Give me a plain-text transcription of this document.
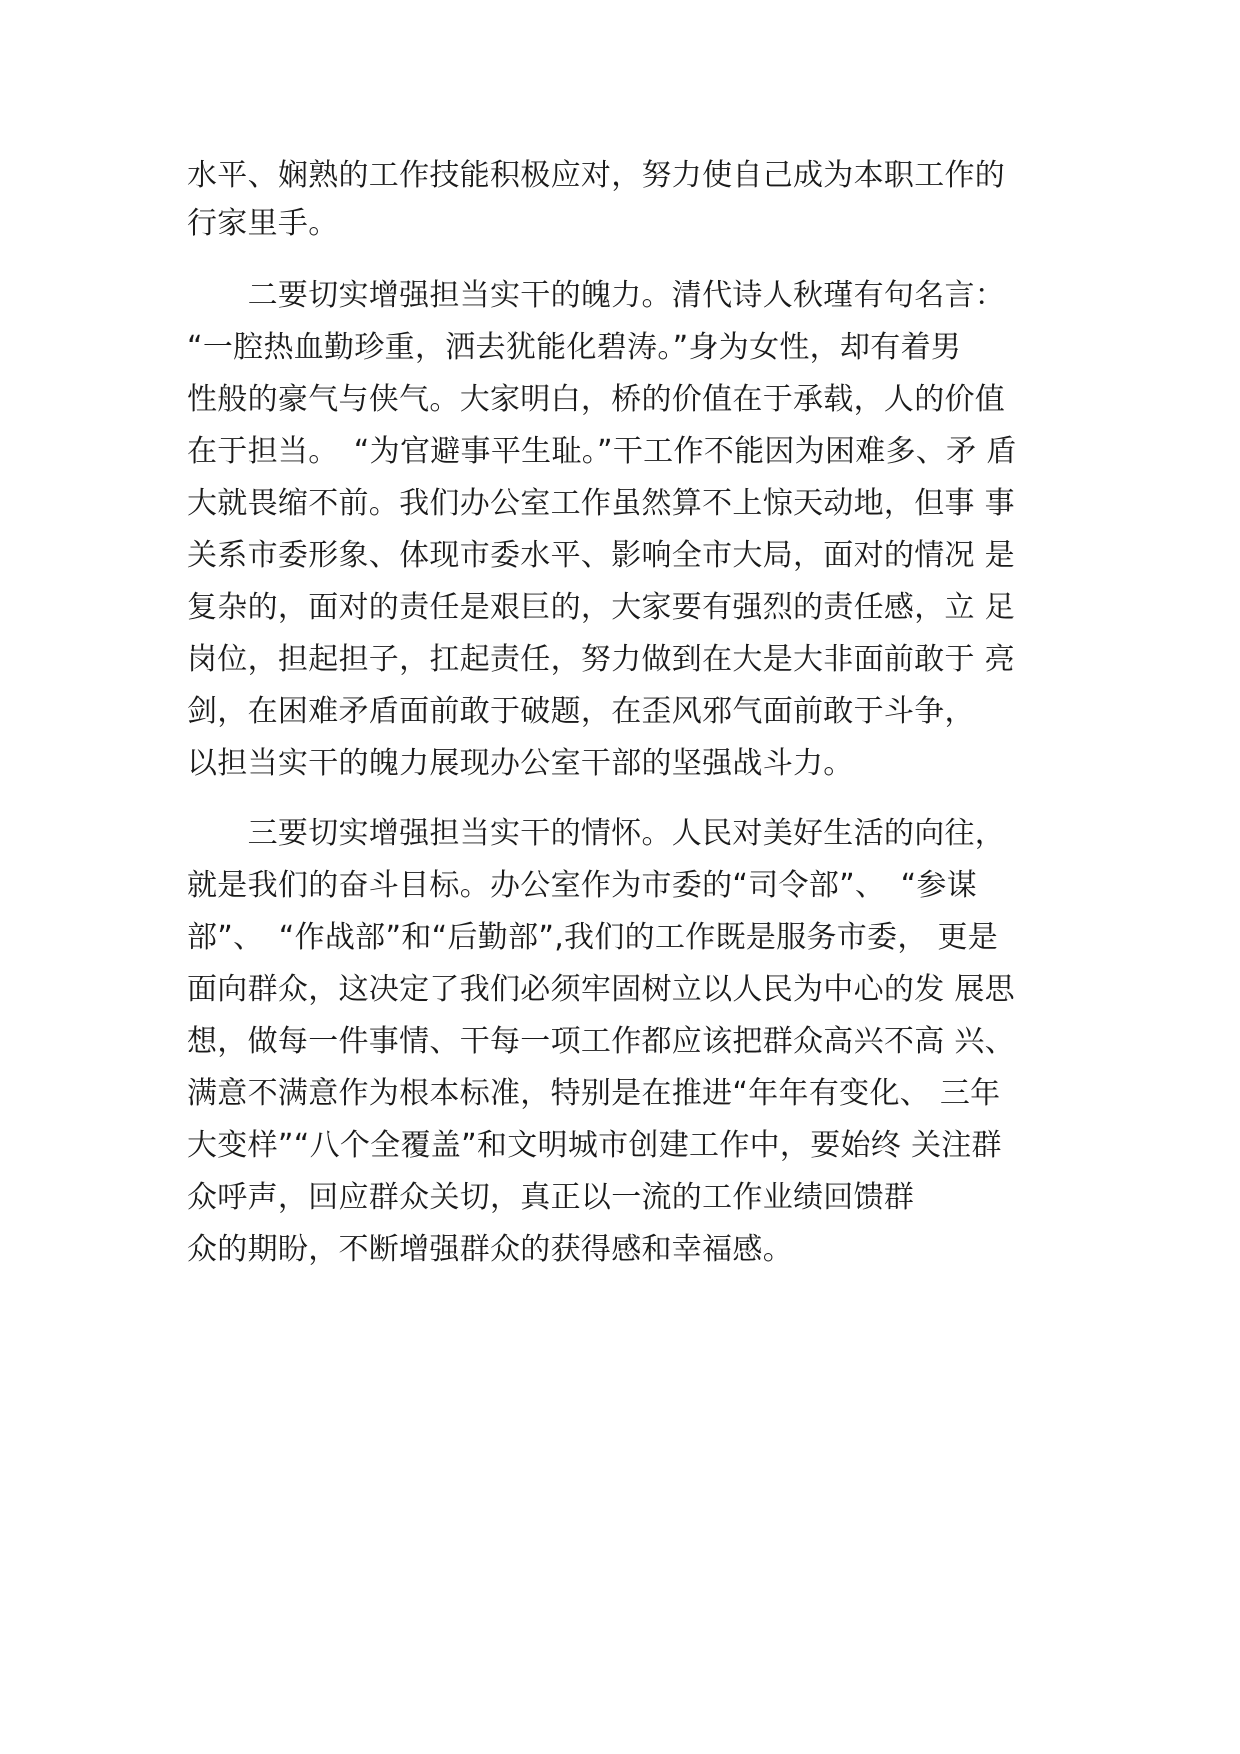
水平、娴熟的工作技能积极应对，努力使自己成为本职工作的
行家里手。
　　二要切实增强担当实干的魄力。清代诗人秋瑾有句名言：
“一腔热血勤珍重，洒去犹能化碧涛。”身为女性，却有着男
性般的豪气与侠气。大家明白，桥的价值在于承载，人的价值
在于担当。　“为官避事平生耻。”干工作不能因为困难多、矛 盾
大就畏缩不前。我们办公室工作虽然算不上惊天动地，但事 事
关系市委形象、体现市委水平、影响全市大局，面对的情况 是
复杂的，面对的责任是艰巨的，大家要有强烈的责任感，立 足
岗位，担起担子，扛起责任，努力做到在大是大非面前敢于 亮
剑，在困难矛盾面前敢于破题，在歪风邪气面前敢于斗争，
以担当实干的魄力展现办公室干部的坚强战斗力。
　　三要切实增强担当实干的情怀。人民对美好生活的向往，
就是我们的奋斗目标。办公室作为市委的“司令部”、　“参谋
部”、　“作战部”和“后勤部”,我们的工作既是服务市委， 更是
面向群众，这决定了我们必须牢固树立以人民为中心的发 展思
想，做每一件事情、干每一项工作都应该把群众高兴不高 兴、
满意不满意作为根本标准，特别是在推进“年年有变化、 三年
大变样”“八个全覆盖”和文明城市创建工作中，要始终 关注群
众呼声，回应群众关切，真正以一流的工作业绩回馈群
众的期盼，不断增强群众的获得感和幸福感。
